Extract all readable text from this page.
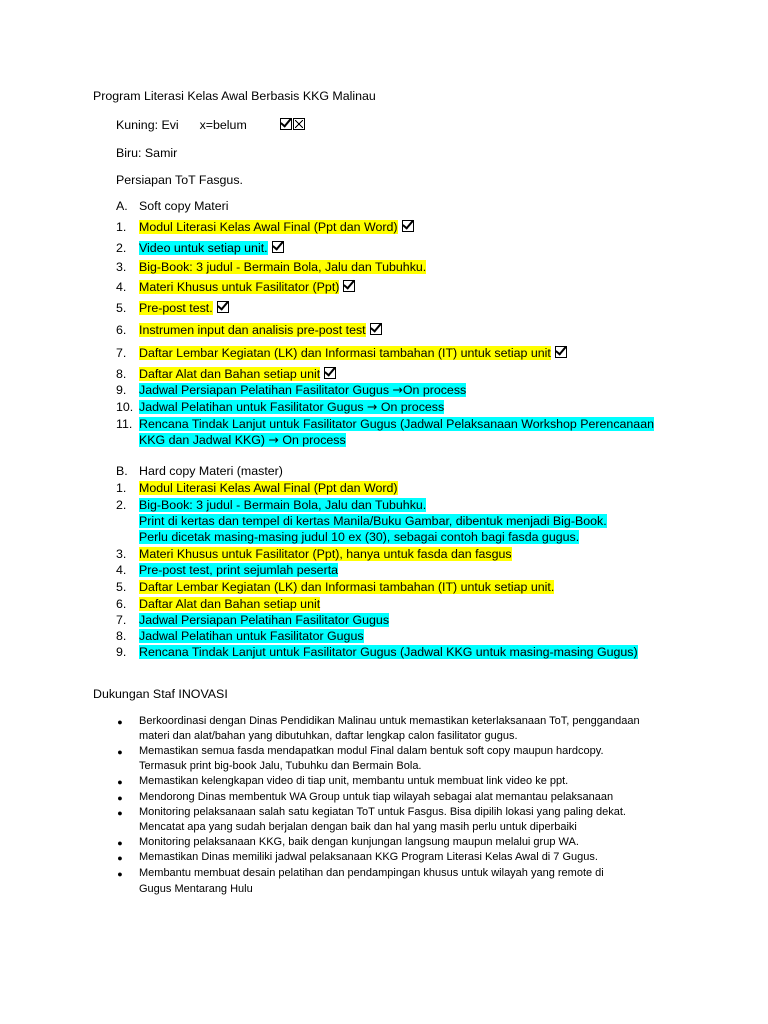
Program Literasi Kelas Awal Berbasis KKG Malinau
Kuning: Evi x=belum
Biru: Samir
Persiapan ToT Fasgus.
A. Soft copy Materi
1.	Modul Literasi Kelas Awal Final (Ppt dan Word)
2.	Video untuk setiap unit.
3.	Big-Book: 3 judul - Bermain Bola, Jalu dan Tubuhku.
4.	Materi Khusus untuk Fasilitator (Ppt)
5.	Pre-post test.
6.	Instrumen input dan analisis pre-post test
7.	Daftar Lembar Kegiatan (LK) dan Informasi tambahan (IT) untuk setiap unit
8.	Daftar Alat dan Bahan setiap unit
9.	Jadwal Persiapan Pelatihan Fasilitator Gugus →On process
10. Jadwal Pelatihan untuk Fasilitator Gugus → On process
11. Rencana Tindak Lanjut untuk Fasilitator Gugus (Jadwal Pelaksanaan Workshop Perencanaan
KKG dan Jadwal KKG) → On process
B. Hard copy Materi (master)
1.	Modul Literasi Kelas Awal Final (Ppt dan Word)
2.	Big-Book: 3 judul - Bermain Bola, Jalu dan Tubuhku.
Print di kertas dan tempel di kertas Manila/Buku Gambar, dibentuk menjadi Big-Book.
Perlu dicetak masing-masing judul 10 ex (30), sebagai contoh bagi fasda gugus.
3.	Materi Khusus untuk Fasilitator (Ppt), hanya untuk fasda dan fasgus
4.	Pre-post test, print sejumlah peserta
5.	Daftar Lembar Kegiatan (LK) dan Informasi tambahan (IT) untuk setiap unit.
6.	Daftar Alat dan Bahan setiap unit
7.	Jadwal Persiapan Pelatihan Fasilitator Gugus
8.	Jadwal Pelatihan untuk Fasilitator Gugus
9.	Rencana Tindak Lanjut untuk Fasilitator Gugus (Jadwal KKG untuk masing-masing Gugus)
Dukungan Staf INOVASI
● Berkoordinasi dengan Dinas Pendidikan Malinau untuk memastikan keterlaksanaan ToT, penggandaan
materi dan alat/bahan yang dibutuhkan, daftar lengkap calon fasilitator gugus.
● Memastikan semua fasda mendapatkan modul Final dalam bentuk soft copy maupun hardcopy.
Termasuk print big-book Jalu, Tubuhku dan Bermain Bola.
● Memastikan kelengkapan video di tiap unit, membantu untuk membuat link video ke ppt.
● Mendorong Dinas membentuk WA Group untuk tiap wilayah sebagai alat memantau pelaksanaan
● Monitoring pelaksanaan salah satu kegiatan ToT untuk Fasgus. Bisa dipilih lokasi yang paling dekat.
Mencatat apa yang sudah berjalan dengan baik dan hal yang masih perlu untuk diperbaiki
● Monitoring pelaksanaan KKG, baik dengan kunjungan langsung maupun melalui grup WA.
● Memastikan Dinas memiliki jadwal pelaksanaan KKG Program Literasi Kelas Awal di 7 Gugus.
● Membantu membuat desain pelatihan dan pendampingan khusus untuk wilayah yang remote di
Gugus Mentarang Hulu
